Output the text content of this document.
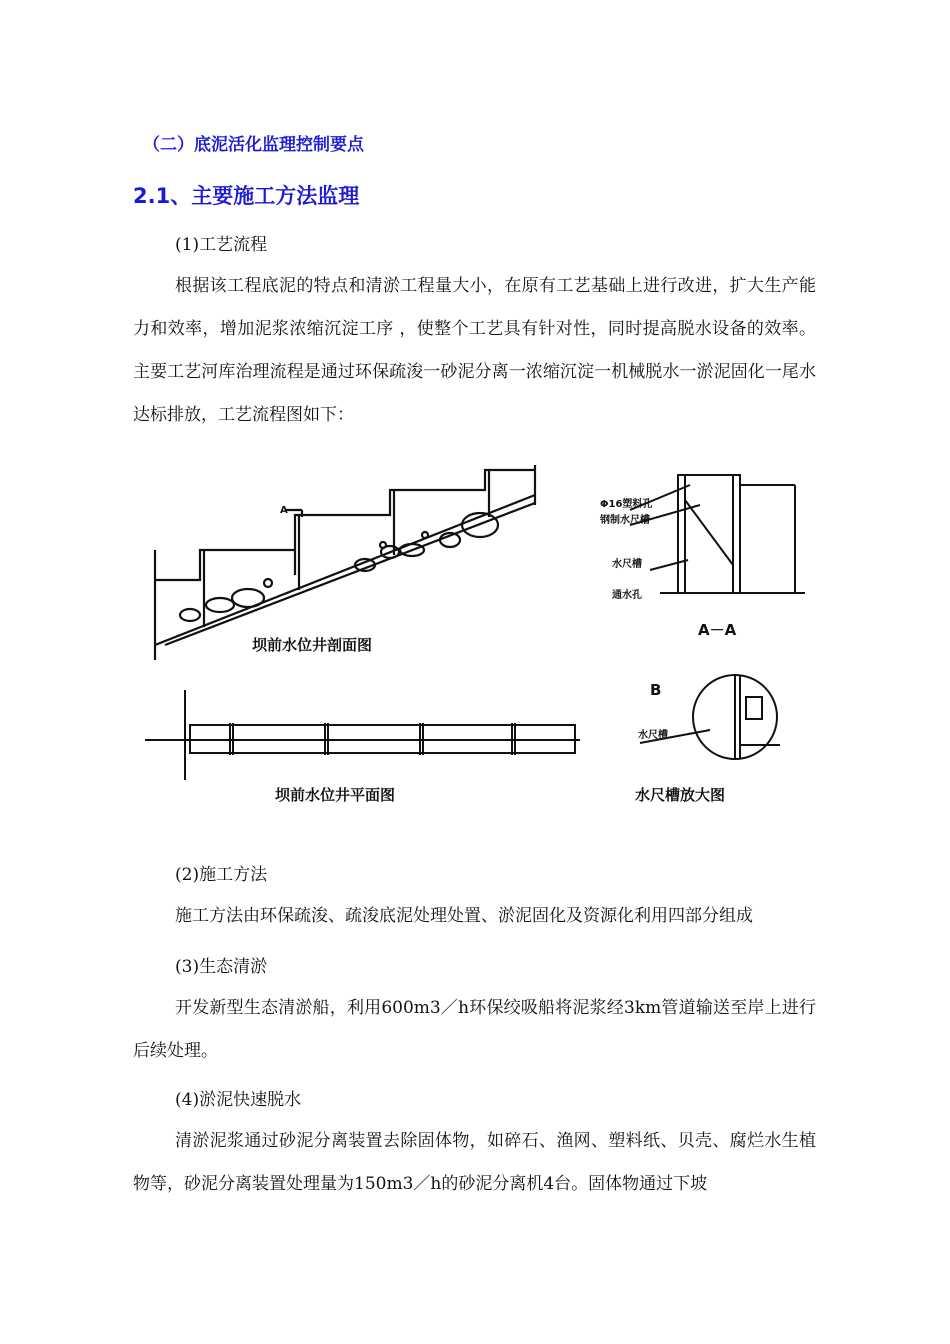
（二）底泥活化监理控制要点
2.1、主要施工方法监理
(1)工艺流程
根据该工程底泥的特点和清淤工程量大小，在原有工艺基础上进行改进，扩大生产能力和效率，增加泥浆浓缩沉淀工序 ，使整个工艺具有针对性，同时提高脱水设备的效率。主要工艺河库治理流程是通过环保疏浚一砂泥分离一浓缩沉淀一机械脱水一淤泥固化一尾水达标排放，工艺流程图如下：
A
坝前水位井剖面图
Φ16塑料孔
钢制水尺槽
水尺槽
通水孔
A－A
坝前水位井平面图
B
水尺槽
水尺槽放大图
(2)施工方法
施工方法由环保疏浚、疏浚底泥处理处置、淤泥固化及资源化利用四部分组成
(3)生态清淤
开发新型生态清淤船，利用600m3／h环保绞吸船将泥浆经3km管道输送至岸上进行后续处理。
(4)淤泥快速脱水
清淤泥浆通过砂泥分离装置去除固体物，如碎石、渔网、塑料纸、贝壳、腐烂水生植物等，砂泥分离装置处理量为150m3／h的砂泥分离机4台。固体物通过下坡
